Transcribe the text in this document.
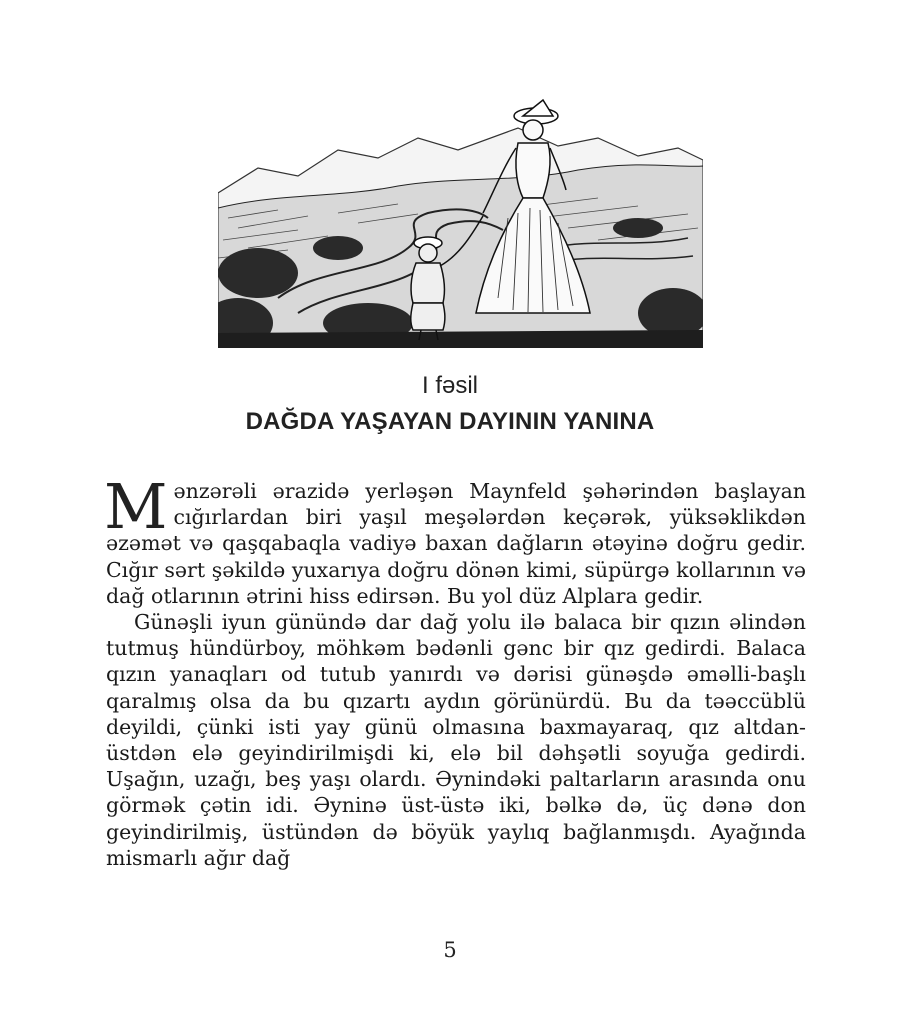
I fəsil
DAĞDA YAŞAYAN DAYININ YANINA

Mənzərəli ərazidə yerləşən Maynfeld şəhərindən başlayan cığırlardan biri yaşıl meşələrdən keçərək, yüksəklikdən əzəmət və qaşqabaqla vadiyə baxan dağların ətəyinə doğru gedir. Cığır sərt şəkildə yuxarıya doğru dönən kimi, süpürgə kollarının və dağ otlarının ətrini hiss edirsən. Bu yol düz Alplara gedir.

Günəşli iyun günündə dar dağ yolu ilə balaca bir qızın əlindən tutmuş hündürboy, möhkəm bədənli gənc bir qız gedirdi. Balaca qızın yanaqları od tutub yanırdı və dərisi günəşdə əməlli-başlı qaralmış olsa da bu qızartı aydın görünürdü. Bu da təəccüblü deyildi, çünki isti yay günü olmasına baxmayaraq, qız altdan-üstdən elə geyindirilmişdi ki, elə bil dəhşətli soyuğa gedirdi. Uşağın, uzağı, beş yaşı olardı. Əynindəki paltarların arasında onu görmək çətin idi. Əyninə üst-üstə iki, bəlkə də, üç dənə don geyindirilmiş, üstündən də böyük yaylıq bağlanmışdı. Ayağında mismarlı ağır dağ

5
